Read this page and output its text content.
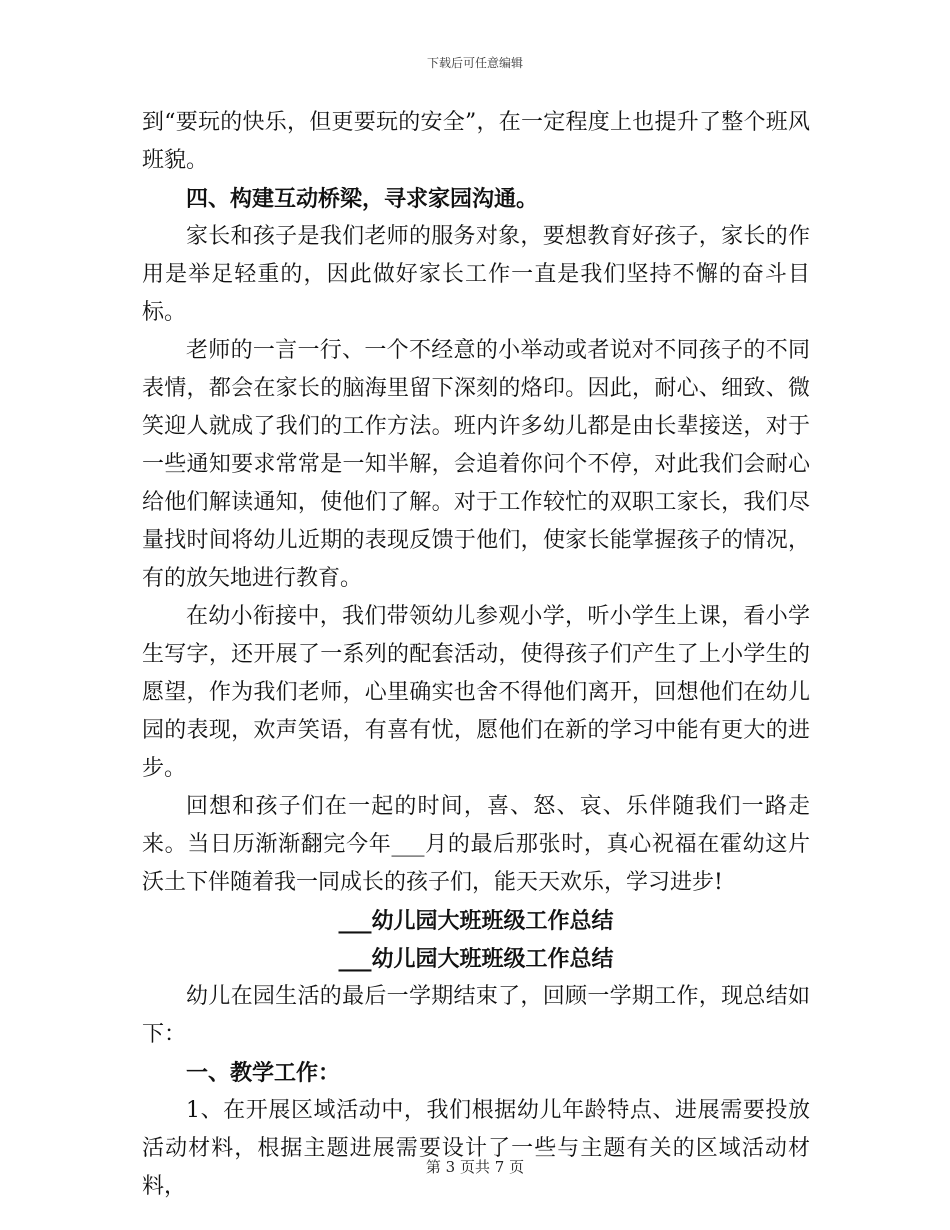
下载后可任意编辑

到“要玩的快乐，但更要玩的安全”，在一定程度上也提升了整个班风班貌。

四、构建互动桥梁，寻求家园沟通。

家长和孩子是我们老师的服务对象，要想教育好孩子，家长的作用是举足轻重的，因此做好家长工作一直是我们坚持不懈的奋斗目标。

老师的一言一行、一个不经意的小举动或者说对不同孩子的不同表情，都会在家长的脑海里留下深刻的烙印。因此，耐心、细致、微笑迎人就成了我们的工作方法。班内许多幼儿都是由长辈接送，对于一些通知要求常常是一知半解，会追着你问个不停，对此我们会耐心给他们解读通知，使他们了解。对于工作较忙的双职工家长，我们尽量找时间将幼儿近期的表现反馈于他们，使家长能掌握孩子的情况，有的放矢地进行教育。

在幼小衔接中，我们带领幼儿参观小学，听小学生上课，看小学生写字，还开展了一系列的配套活动，使得孩子们产生了上小学生的愿望，作为我们老师，心里确实也舍不得他们离开，回想他们在幼儿园的表现，欢声笑语，有喜有忧，愿他们在新的学习中能有更大的进步。

回想和孩子们在一起的时间，喜、怒、哀、乐伴随我们一路走来。当日历渐渐翻完今年___月的最后那张时，真心祝福在霍幼这片沃土下伴随着我一同成长的孩子们，能天天欢乐，学习进步!

___幼儿园大班班级工作总结

___幼儿园大班班级工作总结

幼儿在园生活的最后一学期结束了，回顾一学期工作，现总结如下：

一、教学工作：

1、在开展区域活动中，我们根据幼儿年龄特点、进展需要投放活动材料，根据主题进展需要设计了一些与主题有关的区域活动材料，

第 3 页共 7 页
